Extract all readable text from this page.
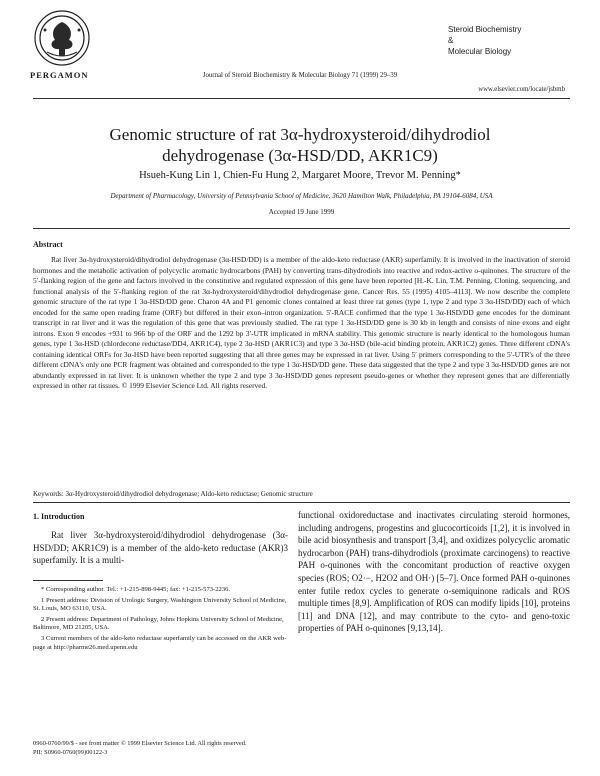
PERGAMON	Journal of Steroid Biochemistry & Molecular Biology 71 (1999) 29–39
Steroid Biochemistry
&
Molecular Biology
www.elsevier.com/locate/jsbmb
Genomic structure of rat 3α-hydroxysteroid/dihydrodiol dehydrogenase (3α-HSD/DD, AKR1C9)
Hsueh-Kung Lin 1, Chien-Fu Hung 2, Margaret Moore, Trevor M. Penning*
Department of Pharmacology, University of Pennsylvania School of Medicine, 3620 Hamilton Walk, Philadelphia, PA 19104-6084, USA
Accepted 19 June 1999
Abstract
Rat liver 3α-hydroxysteroid/dihydrodiol dehydrogenase (3α-HSD/DD) is a member of the aldo-keto reductase (AKR) superfamily. It is involved in the inactivation of steroid hormones and the metabolic activation of polycyclic aromatic hydrocarbons (PAH) by converting trans-dihydrodiols into reactive and redox-active o-quinones. The structure of the 5′-flanking region of the gene and factors involved in the constitutive and regulated expression of this gene have been reported [H.-K. Lin, T.M. Penning, Cloning, sequencing, and functional analysis of the 5′-flanking region of the rat 3α-hydroxysteroid/dihydrodiol dehydrogenase gene, Cancer Res. 55 (1995) 4105–4113]. We now describe the complete genomic structure of the rat type 1 3α-HSD/DD gene. Charon 4A and P1 genomic clones contained at least three rat genes (type 1, type 2 and type 3 3α-HSD/DD) each of which encoded for the same open reading frame (ORF) but differed in their exon–intron organization. 5′-RACE confirmed that the type 1 3α-HSD/DD gene encodes for the dominant transcript in rat liver and it was the regulation of this gene that was previously studied. The rat type 1 3α-HSD/DD gene is 30 kb in length and consists of nine exons and eight introns. Exon 9 encodes +931 to 966 bp of the ORF and the 1292 bp 3′-UTR implicated in mRNA stability. This genomic structure is nearly identical to the homologous human genes, type 1 3α-HSD (chlordecone reductase/DD4, AKR1C4), type 2 3α-HSD (AKR1C3) and type 3 3α-HSD (bile-acid binding protein, AKR1C2) genes. Three different cDNA's containing identical ORFs for 3α-HSD have been reported suggesting that all three genes may be expressed in rat liver. Using 5′ primers corresponding to the 5′-UTR's of the three different cDNA's only one PCR fragment was obtained and corresponded to the type 1 3α-HSD/DD gene. These data suggested that the type 2 and type 3 3α-HSD/DD genes are not abundantly expressed in rat liver. It is unknown whether the type 2 and type 3 3α-HSD/DD genes represent pseudo-genes or whether they represent genes that are differentially expressed in other rat tissues. © 1999 Elsevier Science Ltd. All rights reserved.
Keywords: 3α-Hydroxysteroid/dihydrodiol dehydrogenase; Aldo-keto reductase; Genomic structure
1. Introduction
Rat liver 3α-hydroxysteroid/dihydrodiol dehydrogenase (3α-HSD/DD; AKR1C9) is a member of the aldo-keto reductase (AKR)3 superfamily. It is a multi-
functional oxidoreductase and inactivates circulating steroid hormones, including androgens, progestins and glucocorticoids [1,2], it is involved in bile acid biosynthesis and transport [3,4], and oxidizes polycyclic aromatic hydrocarbon (PAH) trans-dihydrodiols (proximate carcinogens) to reactive PAH o-quinones with the concomitant production of reactive oxygen species (ROS; O2·−, H2O2 and OH·) [5–7]. Once formed PAH o-quinones enter futile redox cycles to generate o-semiquinone radicals and ROS multiple times [8,9]. Amplification of ROS can modify lipids [10], proteins [11] and DNA [12], and may contribute to the cyto- and geno-toxic properties of PAH o-quinones [9,13,14].

* Corresponding author. Tel.: +1-215-898-9445; fax: +1-215-573-2236.

1 Present address: Division of Urologic Surgery, Washington University School of Medicine, St. Louis, MO 63110, USA.

2 Present address: Department of Pathology, Johns Hopkins University School of Medicine, Baltimore, MD 21205, USA.

3 Current members of the aldo-keto reductase superfamily can be accessed on the AKR web-page at http://pharme26.med.upenn.edu

0960-0760/99/$ - see front matter © 1999 Elsevier Science Ltd. All rights reserved.
PII: S0960-0760(99)00122-3
